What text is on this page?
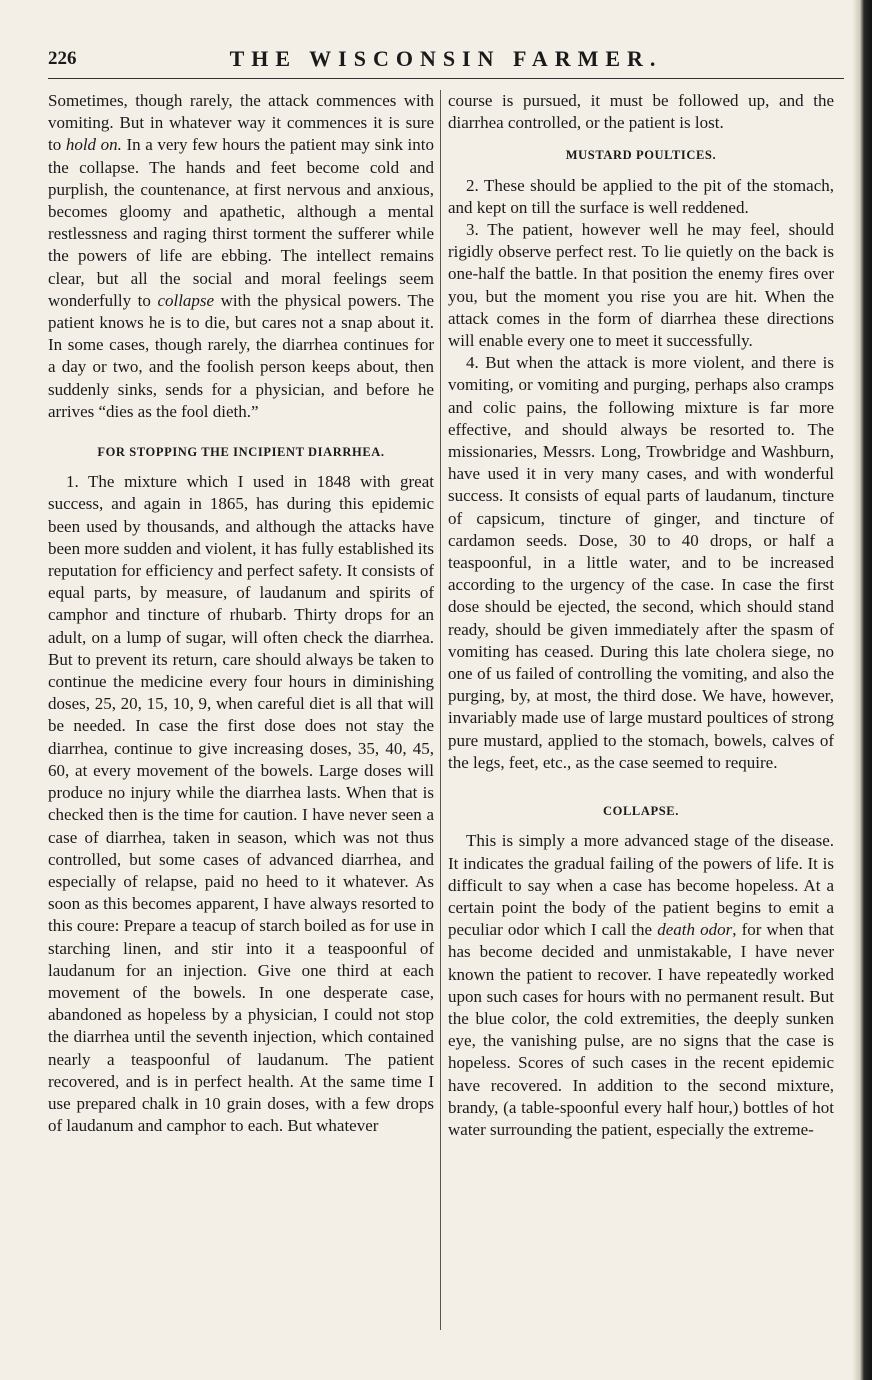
226	THE WISCONSIN FARMER.

Sometimes, though rarely, the attack commences with vomiting. But in whatever way it commences it is sure to hold on. In a very few hours the patient may sink into the collapse. The hands and feet become cold and purplish, the countenance, at first nervous and anxious, becomes gloomy and apathetic, although a mental restlessness and raging thirst torment the sufferer while the powers of life are ebbing. The intellect remains clear, but all the social and moral feelings seem wonderfully to collapse with the physical powers. The patient knows he is to die, but cares not a snap about it. In some cases, though rarely, the diarrhea continues for a day or two, and the foolish person keeps about, then suddenly sinks, sends for a physician, and before he arrives “dies as the fool dieth.”

FOR STOPPING THE INCIPIENT DIARRHEA.

1. The mixture which I used in 1848 with great success, and again in 1865, has during this epidemic been used by thousands, and although the attacks have been more sudden and violent, it has fully established its reputation for efficiency and perfect safety. It consists of equal parts, by measure, of laudanum and spirits of camphor and tincture of rhubarb. Thirty drops for an adult, on a lump of sugar, will often check the diarrhea. But to prevent its return, care should always be taken to continue the medicine every four hours in diminishing doses, 25, 20, 15, 10, 9, when careful diet is all that will be needed. In case the first dose does not stay the diarrhea, continue to give increasing doses, 35, 40, 45, 60, at every movement of the bowels. Large doses will produce no injury while the diarrhea lasts. When that is checked then is the time for caution. I have never seen a case of diarrhea, taken in season, which was not thus controlled, but some cases of advanced diarrhea, and especially of relapse, paid no heed to it whatever. As soon as this becomes apparent, I have always resorted to this coure: Prepare a teacup of starch boiled as for use in starching linen, and stir into it a teaspoonful of laudanum for an injection. Give one third at each movement of the bowels. In one desperate case, abandoned as hopeless by a physician, I could not stop the diarrhea until the seventh injection, which contained nearly a teaspoonful of laudanum. The patient recovered, and is in perfect health. At the same time I use prepared chalk in 10 grain doses, with a few drops of laudanum and camphor to each. But whatever

course is pursued, it must be followed up, and the diarrhea controlled, or the patient is lost.

MUSTARD POULTICES.

2. These should be applied to the pit of the stomach, and kept on till the surface is well reddened.

3. The patient, however well he may feel, should rigidly observe perfect rest. To lie quietly on the back is one-half the battle. In that position the enemy fires over you, but the moment you rise you are hit. When the attack comes in the form of diarrhea these directions will enable every one to meet it successfully.

4. But when the attack is more violent, and there is vomiting, or vomiting and purging, perhaps also cramps and colic pains, the following mixture is far more effective, and should always be resorted to. The missionaries, Messrs. Long, Trowbridge and Washburn, have used it in very many cases, and with wonderful success. It consists of equal parts of laudanum, tincture of capsicum, tincture of ginger, and tincture of cardamon seeds. Dose, 30 to 40 drops, or half a teaspoonful, in a little water, and to be increased according to the urgency of the case. In case the first dose should be ejected, the second, which should stand ready, should be given immediately after the spasm of vomiting has ceased. During this late cholera siege, no one of us failed of controlling the vomiting, and also the purging, by, at most, the third dose. We have, however, invariably made use of large mustard poultices of strong pure mustard, applied to the stomach, bowels, calves of the legs, feet, etc., as the case seemed to require.

COLLAPSE.

This is simply a more advanced stage of the disease. It indicates the gradual failing of the powers of life. It is difficult to say when a case has become hopeless. At a certain point the body of the patient begins to emit a peculiar odor which I call the death odor, for when that has become decided and unmistakable, I have never known the patient to recover. I have repeatedly worked upon such cases for hours with no permanent result. But the blue color, the cold extremities, the deeply sunken eye, the vanishing pulse, are no signs that the case is hopeless. Scores of such cases in the recent epidemic have recovered. In addition to the second mixture, brandy, (a table-spoonful every half hour,) bottles of hot water surrounding the patient, especially the extreme-
